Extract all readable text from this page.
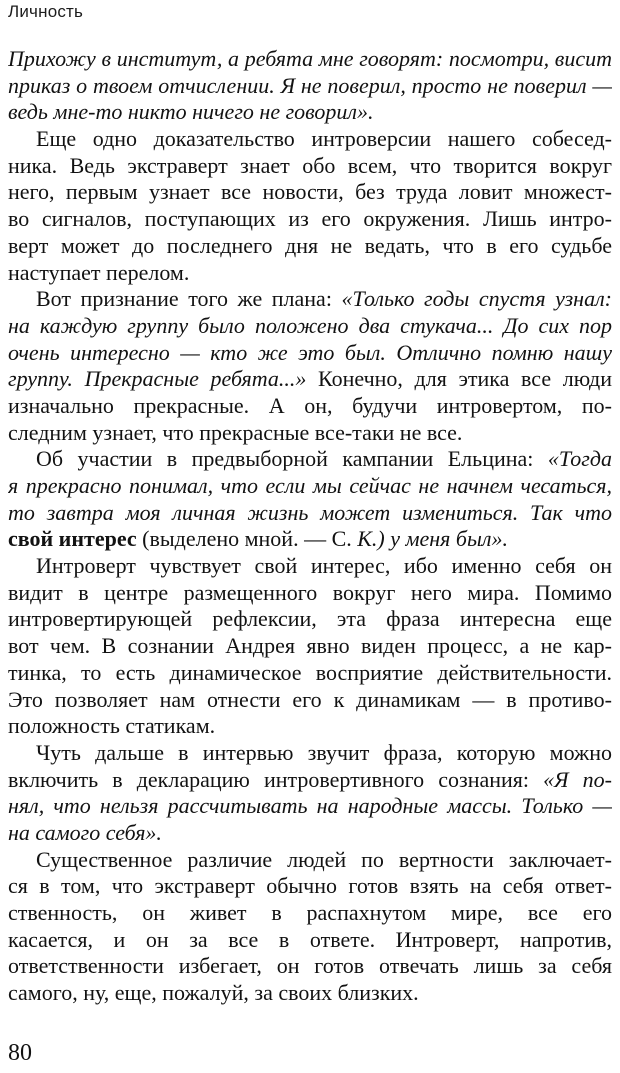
Личность
Прихожу в институт, а ребята мне говорят: посмотри, висит
приказ о твоем отчислении. Я не поверил, просто не поверил —
ведь мне-то никто ничего не говорил».
Еще одно доказательство интроверсии нашего собесед-
ника. Ведь экстраверт знает обо всем, что творится вокруг
него, первым узнает все новости, без труда ловит множест-
во сигналов, поступающих из его окружения. Лишь интро-
верт может до последнего дня не ведать, что в его судьбе
наступает перелом.
Вот признание того же плана: «Только годы спустя узнал:
на каждую группу было положено два стукача... До сих пор
очень интересно — кто же это был. Отлично помню нашу
группу. Прекрасные ребята...» Конечно, для этика все люди
изначально прекрасные. А он, будучи интровертом, по-
следним узнает, что прекрасные все-таки не все.
Об участии в предвыборной кампании Ельцина: «Тогда
я прекрасно понимал, что если мы сейчас не начнем чесаться,
то завтра моя личная жизнь может измениться. Так что
свой интерес (выделено мной. — С. К.) у меня был».
Интроверт чувствует свой интерес, ибо именно себя он
видит в центре размещенного вокруг него мира. Помимо
интровертирующей рефлексии, эта фраза интересна еще
вот чем. В сознании Андрея явно виден процесс, а не кар-
тинка, то есть динамическое восприятие действительности.
Это позволяет нам отнести его к динамикам — в противо-
положность статикам.
Чуть дальше в интервью звучит фраза, которую можно
включить в декларацию интровертивного сознания: «Я по-
нял, что нельзя рассчитывать на народные массы. Только —
на самого себя».
Существенное различие людей по вертности заключает-
ся в том, что экстраверт обычно готов взять на себя ответ-
ственность, он живет в распахнутом мире, все его
касается, и он за все в ответе. Интроверт, напротив,
ответственности избегает, он готов отвечать лишь за себя
самого, ну, еще, пожалуй, за своих близких.
80
